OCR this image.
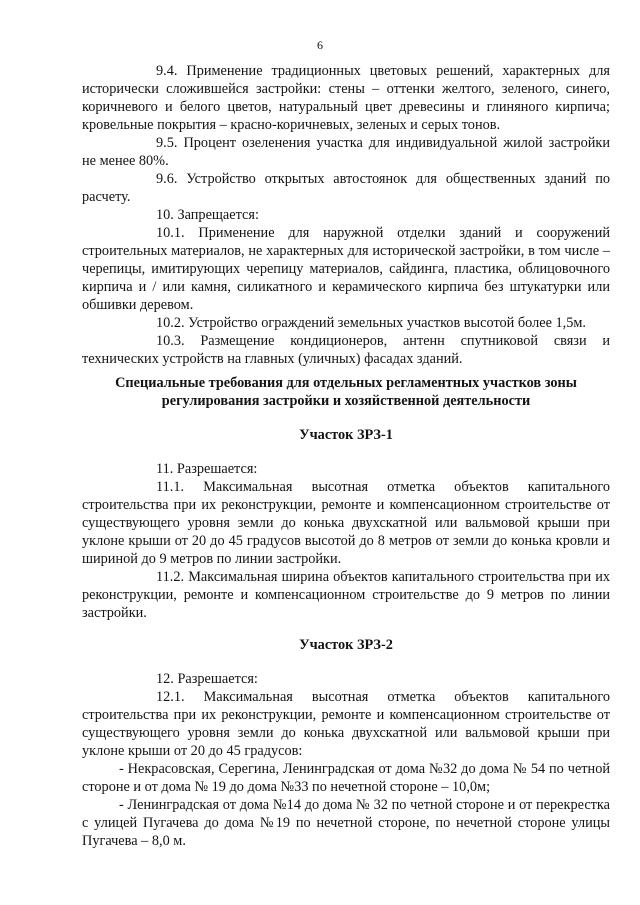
6

9.4. Применение традиционных цветовых решений, характерных для исторически сложившейся застройки: стены – оттенки желтого, зеленого, синего, коричневого и белого цветов, натуральный цвет древесины и глиняного кирпича; кровельные покрытия – красно-коричневых, зеленых и серых тонов.

9.5. Процент озеленения участка для индивидуальной жилой застройки не менее 80%.

9.6. Устройство открытых автостоянок для общественных зданий по расчету.

10. Запрещается:

10.1. Применение для наружной отделки зданий и сооружений строительных материалов, не характерных для исторической застройки, в том числе – черепицы, имитирующих черепицу материалов, сайдинга, пластика, облицовочного кирпича и / или камня, силикатного и керамического кирпича без штукатурки или обшивки деревом.

10.2. Устройство ограждений земельных участков высотой более 1,5м.

10.3. Размещение кондиционеров, антенн спутниковой связи и технических устройств на главных (уличных) фасадах зданий.

Специальные требования для отдельных регламентных участков зоны регулирования застройки и хозяйственной деятельности

Участок ЗРЗ-1

11. Разрешается:

11.1. Максимальная высотная отметка объектов капитального строительства при их реконструкции, ремонте и компенсационном строительстве от существующего уровня земли до конька двухскатной или вальмовой крыши при уклоне крыши от 20 до 45 градусов высотой до 8 метров от земли до конька кровли и шириной до 9 метров по линии застройки.

11.2. Максимальная ширина объектов капитального строительства при их реконструкции, ремонте и компенсационном строительстве до 9 метров по линии застройки.

Участок ЗРЗ-2

12. Разрешается:

12.1. Максимальная высотная отметка объектов капитального строительства при их реконструкции, ремонте и компенсационном строительстве от существующего уровня земли до конька двухскатной или вальмовой крыши при уклоне крыши от 20 до 45 градусов:

- Некрасовская, Серегина, Ленинградская от дома №32 до дома № 54 по четной стороне и от дома № 19 до дома №33 по нечетной стороне – 10,0м;

- Ленинградская от дома №14 до дома № 32 по четной стороне и от перекрестка с улицей Пугачева до дома №19 по нечетной стороне, по нечетной стороне улицы Пугачева – 8,0 м.
